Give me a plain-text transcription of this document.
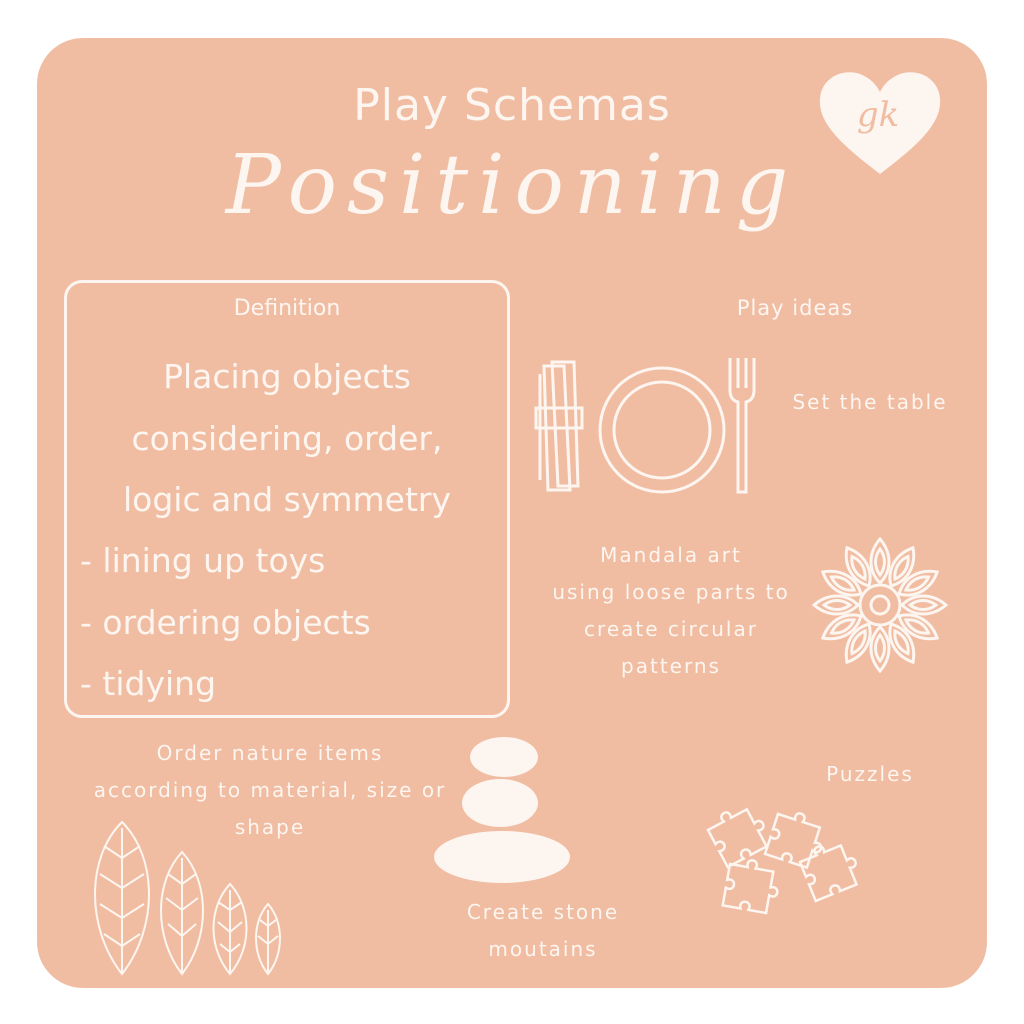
Play Schemas
Positioning
gk
Definition
Placing objects
considering, order,
logic and symmetry
- lining up toys
- ordering objects
- tidying
Play ideas
Set the table
Mandala art
using loose parts to
create circular
patterns
Order nature items
according to material, size or
shape
Create stone
moutains
Puzzles
